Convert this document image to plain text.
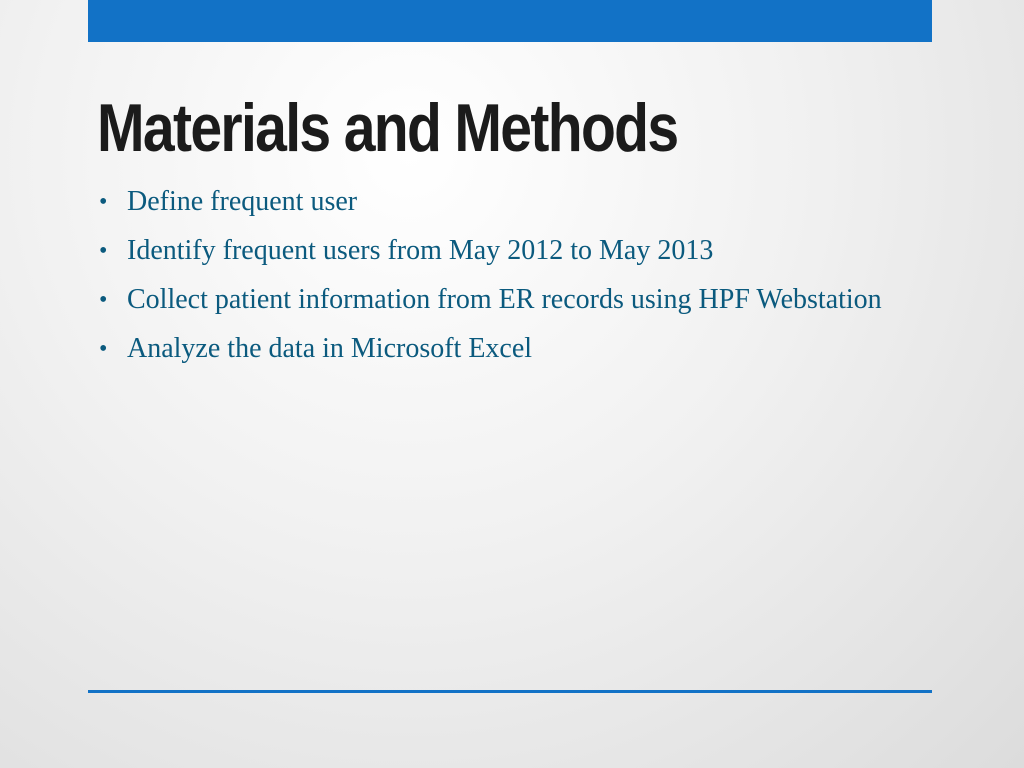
Materials and Methods
• Define frequent user
• Identify frequent users from May 2012 to May 2013
• Collect patient information from ER records using HPF Webstation
• Analyze the data in Microsoft Excel
